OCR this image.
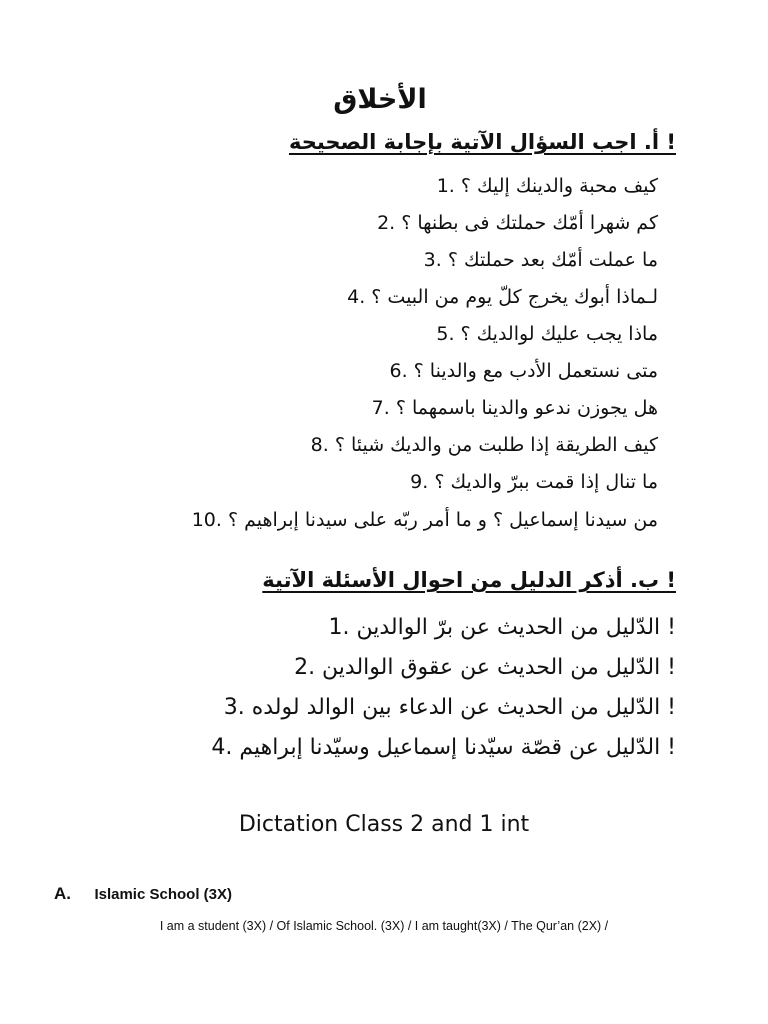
الأخلاق
! أ. اجب السؤال الآتية بإجابة الصحيحة
كيف محبة والدينك إليك ؟ .1
كم شهرا أمّك حملتك فى بطنها ؟ .2
ما عملت أمّك بعد حملتك ؟ .3
لـماذا أبوك يخرج كلّ يوم من البيت ؟ .4
ماذا يجب عليك لوالديك ؟ .5
متى نستعمل الأدب مع والدينا ؟ .6
هل يجوزن ندعو والدينا باسمهما ؟ .7
كيف الطريقة إذا طلبت من والديك شيئا ؟ .8
ما تنال إذا قمت ببرّ والديك ؟ .9
من سيدنا إسماعيل ؟ و ما أمر ربّه على سيدنا إبراهيم ؟ .10
! ب. أذكر الدليل من احوال الأسئلة الآتية
! الدّليل من الحديث عن برّ الوالدين .1
! الدّليل من الحديث عن عقوق الوالدين .2
! الدّليل من الحديث عن الدعاء بين الوالد لولده .3
! الدّليل عن قصّة سيّدنا إسماعيل وسيّدنا إبراهيم .4
Dictation Class 2 and 1 int
A. Islamic School (3X)
I am a student (3X) / Of Islamic School. (3X) / I am taught(3X) / The Qur’an (2X) /
